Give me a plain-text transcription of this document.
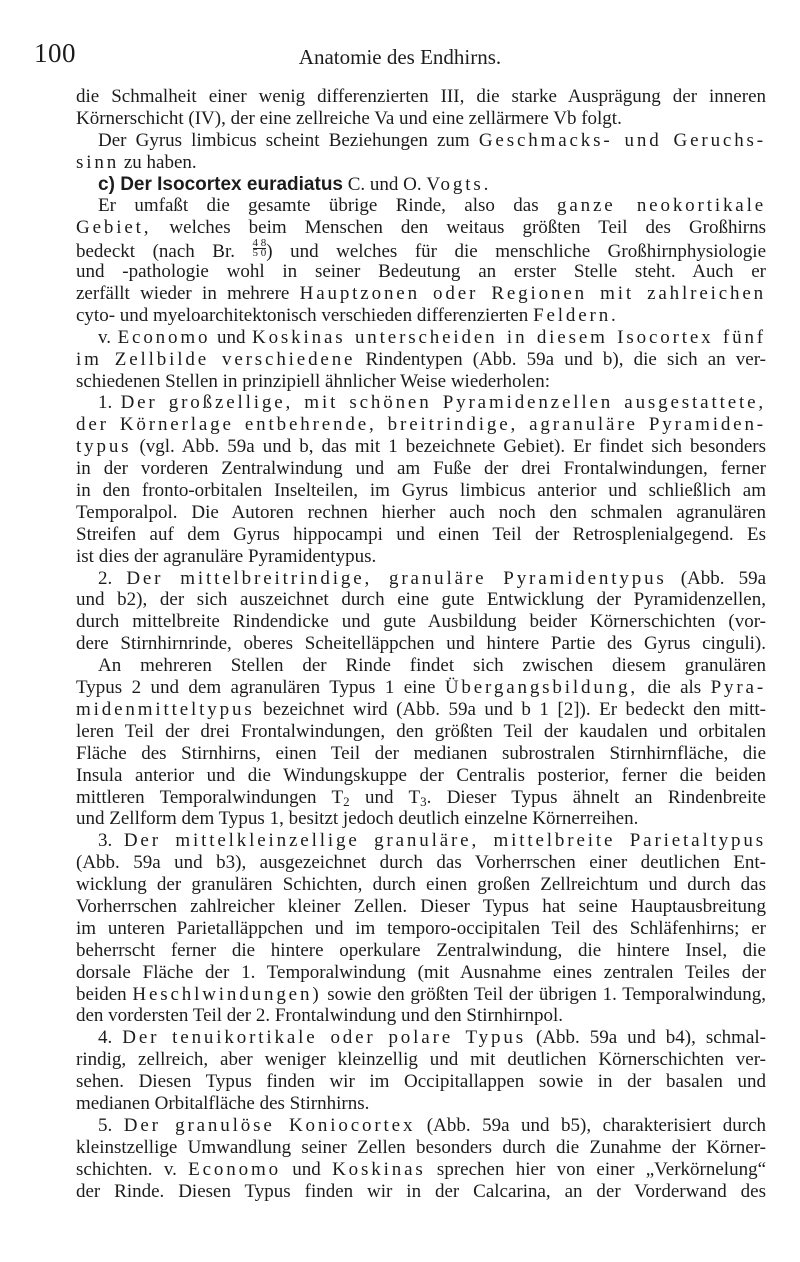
100	Anatomie des Endhirns.
die Schmalheit einer wenig differenzierten III, die starke Ausprägung der inneren
Körnerschicht (IV), der eine zellreiche Va und eine zellärmere Vb folgt.
Der Gyrus limbicus scheint Beziehungen zum Geschmacks- und Geruchs-
sinn zu haben.
c) Der Isocortex euradiatus C. und O. Vogts.
Er umfaßt die gesamte übrige Rinde, also das ganze neokortikale
Gebiet, welches beim Menschen den weitaus größten Teil des Großhirns
bedeckt (nach Br. $\frac{4 8}{5 0}$ ) und welches für die menschliche Großhirnphysiologie
und -pathologie wohl in seiner Bedeutung an erster Stelle steht. Auch er
zerfällt wieder in mehrere Hauptzonen oder Regionen mit zahlreichen
cyto- und myeloarchitektonisch verschieden differenzierten Feldern.
v. Economo und Koskinas unterscheiden in diesem Isocortex fünf
im Zellbilde verschiedene Rindentypen (Abb. 59a und b), die sich an ver-
schiedenen Stellen in prinzipiell ähnlicher Weise wiederholen:
1. Der großzellige, mit schönen Pyramidenzellen ausgestattete,
der Körnerlage entbehrende, breitrindige, agranuläre Pyramiden-
typus (vgl. Abb. 59a und b, das mit 1 bezeichnete Gebiet). Er findet sich besonders
in der vorderen Zentralwindung und am Fuße der drei Frontalwindungen, ferner
in den fronto-orbitalen Inselteilen, im Gyrus limbicus anterior und schließlich am
Temporalpol. Die Autoren rechnen hierher auch noch den schmalen agranulären
Streifen auf dem Gyrus hippocampi und einen Teil der Retrosplenialgegend. Es
ist dies der agranuläre Pyramidentypus.
2. Der mittelbreitrindige, granuläre Pyramidentypus (Abb. 59a
und b2), der sich auszeichnet durch eine gute Entwicklung der Pyramidenzellen,
durch mittelbreite Rindendicke und gute Ausbildung beider Körnerschichten (vor-
dere Stirnhirnrinde, oberes Scheitelläppchen und hintere Partie des Gyrus cinguli).
An mehreren Stellen der Rinde findet sich zwischen diesem granulären
Typus 2 und dem agranulären Typus 1 eine Übergangsbildung, die als Pyra-
midenmitteltypus bezeichnet wird (Abb. 59a und b 1 [2]). Er bedeckt den mitt-
leren Teil der drei Frontalwindungen, den größten Teil der kaudalen und orbitalen
Fläche des Stirnhirns, einen Teil der medianen subrostralen Stirnhirnfläche, die
Insula anterior und die Windungskuppe der Centralis posterior, ferner die beiden
mittleren Temporalwindungen $T_2$ und $T_3$. Dieser Typus ähnelt an Rindenbreite
und Zellform dem Typus 1, besitzt jedoch deutlich einzelne Körnerreihen.
3. Der mittelkleinzellige granuläre, mittelbreite Parietaltypus
(Abb. 59a und b3), ausgezeichnet durch das Vorherrschen einer deutlichen Ent-
wicklung der granulären Schichten, durch einen großen Zellreichtum und durch das
Vorherrschen zahlreicher kleiner Zellen. Dieser Typus hat seine Hauptausbreitung
im unteren Parietalläppchen und im temporo-occipitalen Teil des Schläfenhirns; er
beherrscht ferner die hintere operkulare Zentralwindung, die hintere Insel, die
dorsale Fläche der 1. Temporalwindung (mit Ausnahme eines zentralen Teiles der
beiden Heschlwindungen) sowie den größten Teil der übrigen 1. Temporalwindung,
den vordersten Teil der 2. Frontalwindung und den Stirnhirnpol.
4. Der tenuikortikale oder polare Typus (Abb. 59a und b4), schmal-
rindig, zellreich, aber weniger kleinzellig und mit deutlichen Körnerschichten ver-
sehen. Diesen Typus finden wir im Occipitallappen sowie in der basalen und
medianen Orbitalfläche des Stirnhirns.
5. Der granulöse Koniocortex (Abb. 59a und b5), charakterisiert durch
kleinstzellige Umwandlung seiner Zellen besonders durch die Zunahme der Körner-
schichten. v. Economo und Koskinas sprechen hier von einer „Verkörnelung“
der Rinde. Diesen Typus finden wir in der Calcarina, an der Vorderwand des
